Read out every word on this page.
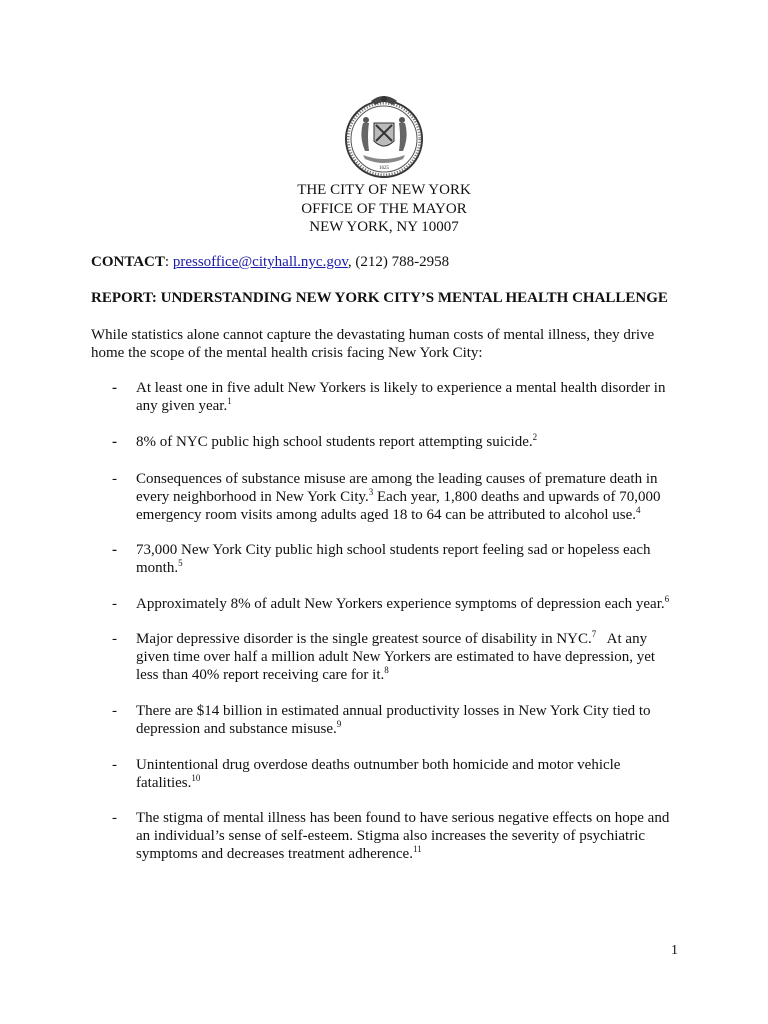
1625
THE CITY OF NEW YORK
OFFICE OF THE MAYOR
NEW YORK, NY 10007
CONTACT: pressoffice@cityhall.nyc.gov, (212) 788-2958
REPORT: UNDERSTANDING NEW YORK CITY’S MENTAL HEALTH CHALLENGE
While statistics alone cannot capture the devastating human costs of mental illness, they drive home the scope of the mental health crisis facing New York City:
- At least one in five adult New Yorkers is likely to experience a mental health disorder in any given year.$^1$
- 8% of NYC public high school students report attempting suicide.$^2$
- Consequences of substance misuse are among the leading causes of premature death in every neighborhood in New York City.$^3$ Each year, 1,800 deaths and upwards of 70,000 emergency room visits among adults aged 18 to 64 can be attributed to alcohol use.$^4$
- 73,000 New York City public high school students report feeling sad or hopeless each month.$^5$
- Approximately 8% of adult New Yorkers experience symptoms of depression each year.$^6$
- Major depressive disorder is the single greatest source of disability in NYC.$^7$   At any given time over half a million adult New Yorkers are estimated to have depression, yet less than 40% report receiving care for it.$^8$
- There are $14 billion in estimated annual productivity losses in New York City tied to depression and substance misuse.$^9$
- Unintentional drug overdose deaths outnumber both homicide and motor vehicle fatalities.$^{10}$
- The stigma of mental illness has been found to have serious negative effects on hope and an individual’s sense of self-esteem. Stigma also increases the severity of psychiatric symptoms and decreases treatment adherence.$^{11}$
1
